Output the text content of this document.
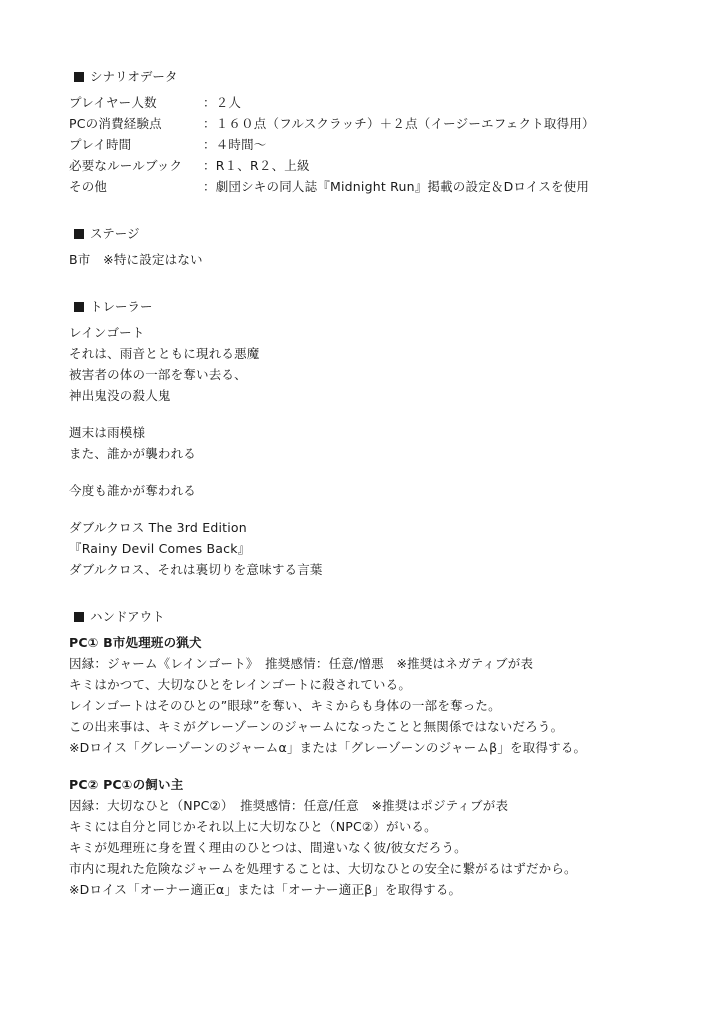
シナリオデータ
プレイヤー人数	：２人
PCの消費経験点	：１６０点（フルスクラッチ）＋２点（イージーエフェクト取得用）
プレイ時間	：４時間〜
必要なルールブック	：R１、R２、上級
その他	：劇団シキの同人誌『Midnight Run』掲載の設定＆Dロイスを使用
ステージ
B市　※特に設定はない
トレーラー
レインゴート
それは、雨音とともに現れる悪魔
被害者の体の一部を奪い去る、
神出鬼没の殺人鬼
週末は雨模様
また、誰かが襲われる
今度も誰かが奪われる
ダブルクロス The 3rd Edition
『Rainy Devil Comes Back』
ダブルクロス、それは裏切りを意味する言葉
ハンドアウト
PC① B市処理班の猟犬
因縁：ジャーム《レインゴート》　推奨感情：任意/憎悪　※推奨はネガティブが表
キミはかつて、大切なひとをレインゴートに殺されている。
レインゴートはそのひとの”眼球”を奪い、キミからも身体の一部を奪った。
この出来事は、キミがグレーゾーンのジャームになったことと無関係ではないだろう。
※Dロイス「グレーゾーンのジャームα」または「グレーゾーンのジャームβ」を取得する。
PC② PC①の飼い主
因縁：大切なひと（NPC②）　推奨感情：任意/任意　※推奨はポジティブが表
キミには自分と同じかそれ以上に大切なひと（NPC②）がいる。
キミが処理班に身を置く理由のひとつは、間違いなく彼/彼女だろう。
市内に現れた危険なジャームを処理することは、大切なひとの安全に繋がるはずだから。
※Dロイス「オーナー適正α」または「オーナー適正β」を取得する。
